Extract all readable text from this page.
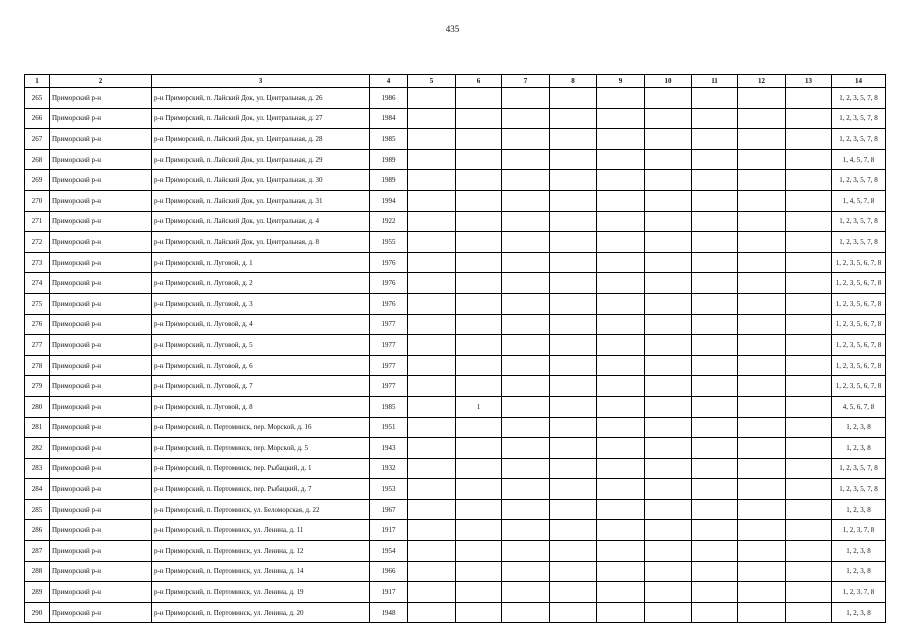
435
1	2	3	4	5	6	7	8	9	10	11	12	13	14
265	Приморский р-н	р-н Приморский, п. Лайский Док, ул. Центральная, д. 26	1986										1, 2, 3, 5, 7, 8
266	Приморский р-н	р-н Приморский, п. Лайский Док, ул. Центральная, д. 27	1984										1, 2, 3, 5, 7, 8
267	Приморский р-н	р-н Приморский, п. Лайский Док, ул. Центральная, д. 28	1985										1, 2, 3, 5, 7, 8
268	Приморский р-н	р-н Приморский, п. Лайский Док, ул. Центральная, д. 29	1989										1, 4, 5, 7, 8
269	Приморский р-н	р-н Приморский, п. Лайский Док, ул. Центральная, д. 30	1989										1, 2, 3, 5, 7, 8
270	Приморский р-н	р-н Приморский, п. Лайский Док, ул. Центральная, д. 31	1994										1, 4, 5, 7, 8
271	Приморский р-н	р-н Приморский, п. Лайский Док, ул. Центральная, д. 4	1922										1, 2, 3, 5, 7, 8
272	Приморский р-н	р-н Приморский, п. Лайский Док, ул. Центральная, д. 8	1955										1, 2, 3, 5, 7, 8
273	Приморский р-н	р-н Приморский, п. Луговой, д. 1	1976										1, 2, 3, 5, 6, 7, 8
274	Приморский р-н	р-н Приморский, п. Луговой, д. 2	1976										1, 2, 3, 5, 6, 7, 8
275	Приморский р-н	р-н Приморский, п. Луговой, д. 3	1976										1, 2, 3, 5, 6, 7, 8
276	Приморский р-н	р-н Приморский, п. Луговой, д. 4	1977										1, 2, 3, 5, 6, 7, 8
277	Приморский р-н	р-н Приморский, п. Луговой, д. 5	1977										1, 2, 3, 5, 6, 7, 8
278	Приморский р-н	р-н Приморский, п. Луговой, д. 6	1977										1, 2, 3, 5, 6, 7, 8
279	Приморский р-н	р-н Приморский, п. Луговой, д. 7	1977										1, 2, 3, 5, 6, 7, 8
280	Приморский р-н	р-н Приморский, п. Луговой, д. 8	1985		1								4, 5, 6, 7, 8
281	Приморский р-н	р-н Приморский, п. Пертоминск, пер. Морской, д. 16	1951										1, 2, 3, 8
282	Приморский р-н	р-н Приморский, п. Пертоминск, пер. Морской, д. 5	1943										1, 2, 3, 8
283	Приморский р-н	р-н Приморский, п. Пертоминск, пер. Рыбацкий, д. 1	1932										1, 2, 3, 5, 7, 8
284	Приморский р-н	р-н Приморский, п. Пертоминск, пер. Рыбацкий, д. 7	1953										1, 2, 3, 5, 7, 8
285	Приморский р-н	р-н Приморский, п. Пертоминск, ул. Беломорская, д. 22	1967										1, 2, 3, 8
286	Приморский р-н	р-н Приморский, п. Пертоминск, ул. Ленина, д. 11	1917										1, 2, 3, 7, 8
287	Приморский р-н	р-н Приморский, п. Пертоминск, ул. Ленина, д. 12	1954										1, 2, 3, 8
288	Приморский р-н	р-н Приморский, п. Пертоминск, ул. Ленина, д. 14	1966										1, 2, 3, 8
289	Приморский р-н	р-н Приморский, п. Пертоминск, ул. Ленина, д. 19	1917										1, 2, 3, 7, 8
290	Приморский р-н	р-н Приморский, п. Пертоминск, ул. Ленина, д. 20	1948										1, 2, 3, 8
